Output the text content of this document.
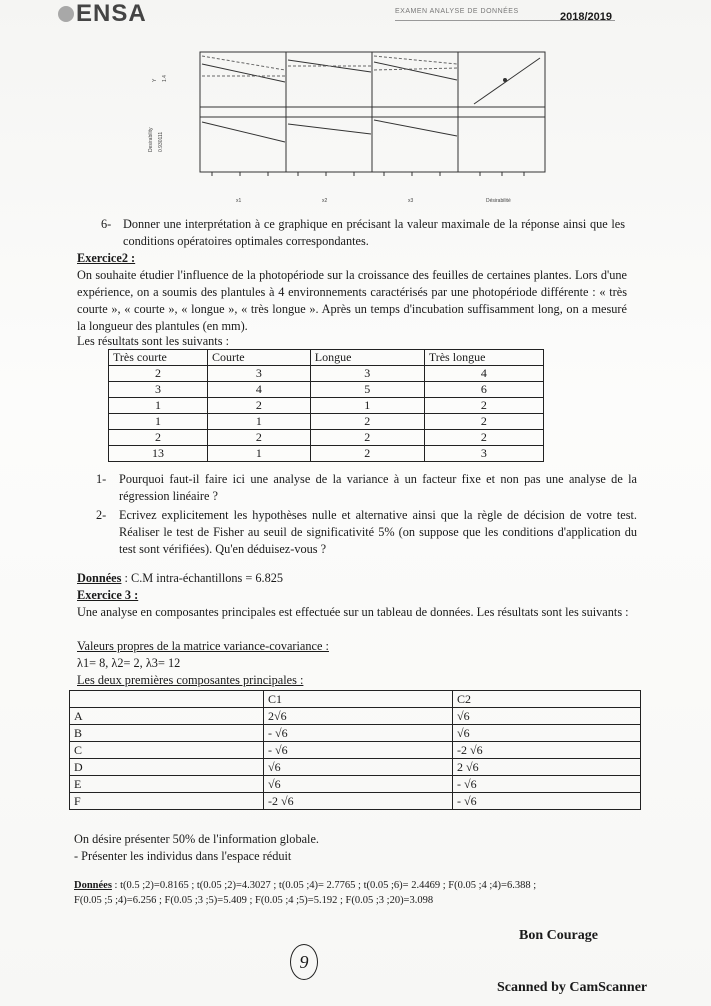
ENSA	EXAMEN ANALYSE DE DONNÉES	2018/2019
Y 1.4
Desirability 0.930111
x1	x2	x3	Désirabilité
6- Donner une interprétation à ce graphique en précisant la valeur maximale de la réponse ainsi que les conditions opératoires optimales correspondantes.
Exercice2 :
On souhaite étudier l'influence de la photopériode sur la croissance des feuilles de certaines plantes. Lors d'une expérience, on a soumis des plantules à 4 environnements caractérisés par une photopériode différente : « très courte », « courte », « longue », « très longue ». Après un temps d'incubation suffisamment long, on a mesuré la longueur des plantules (en mm).
Les résultats sont les suivants :
Très courte	Courte	Longue	Très longue
2	3	3	4
3	4	5	6
1	2	1	2
1	1	2	2
2	2	2	2
13	1	2	3
1- Pourquoi faut-il faire ici une analyse de la variance à un facteur fixe et non pas une analyse de la régression linéaire ?
2- Ecrivez explicitement les hypothèses nulle et alternative ainsi que la règle de décision de votre test. Réaliser le test de Fisher au seuil de significativité 5% (on suppose que les conditions d'application du test sont vérifiées). Qu'en déduisez-vous ?
Données : C.M intra-échantillons = 6.825
Exercice 3 :
Une analyse en composantes principales est effectuée sur un tableau de données. Les résultats sont les suivants :
Valeurs propres de la matrice variance-covariance :
λ1= 8, λ2= 2, λ3= 12
Les deux premières composantes principales :
	C1	C2
A	2√6	√6
B	- √6	√6
C	- √6	-2 √6
D	√6	2 √6
E	√6	- √6
F	-2 √6	- √6
On désire présenter 50% de l'information globale.
- Présenter les individus dans l'espace réduit
Données : t(0.5 ;2)=0.8165 ; t(0.05 ;2)=4.3027 ; t(0.05 ;4)= 2.7765 ; t(0.05 ;6)= 2.4469 ; F(0.05 ;4 ;4)=6.388 ;
F(0.05 ;5 ;4)=6.256 ; F(0.05 ;3 ;5)=5.409 ; F(0.05 ;4 ;5)=5.192 ; F(0.05 ;3 ;20)=3.098
Bon Courage
9
Scanned by CamScanner
